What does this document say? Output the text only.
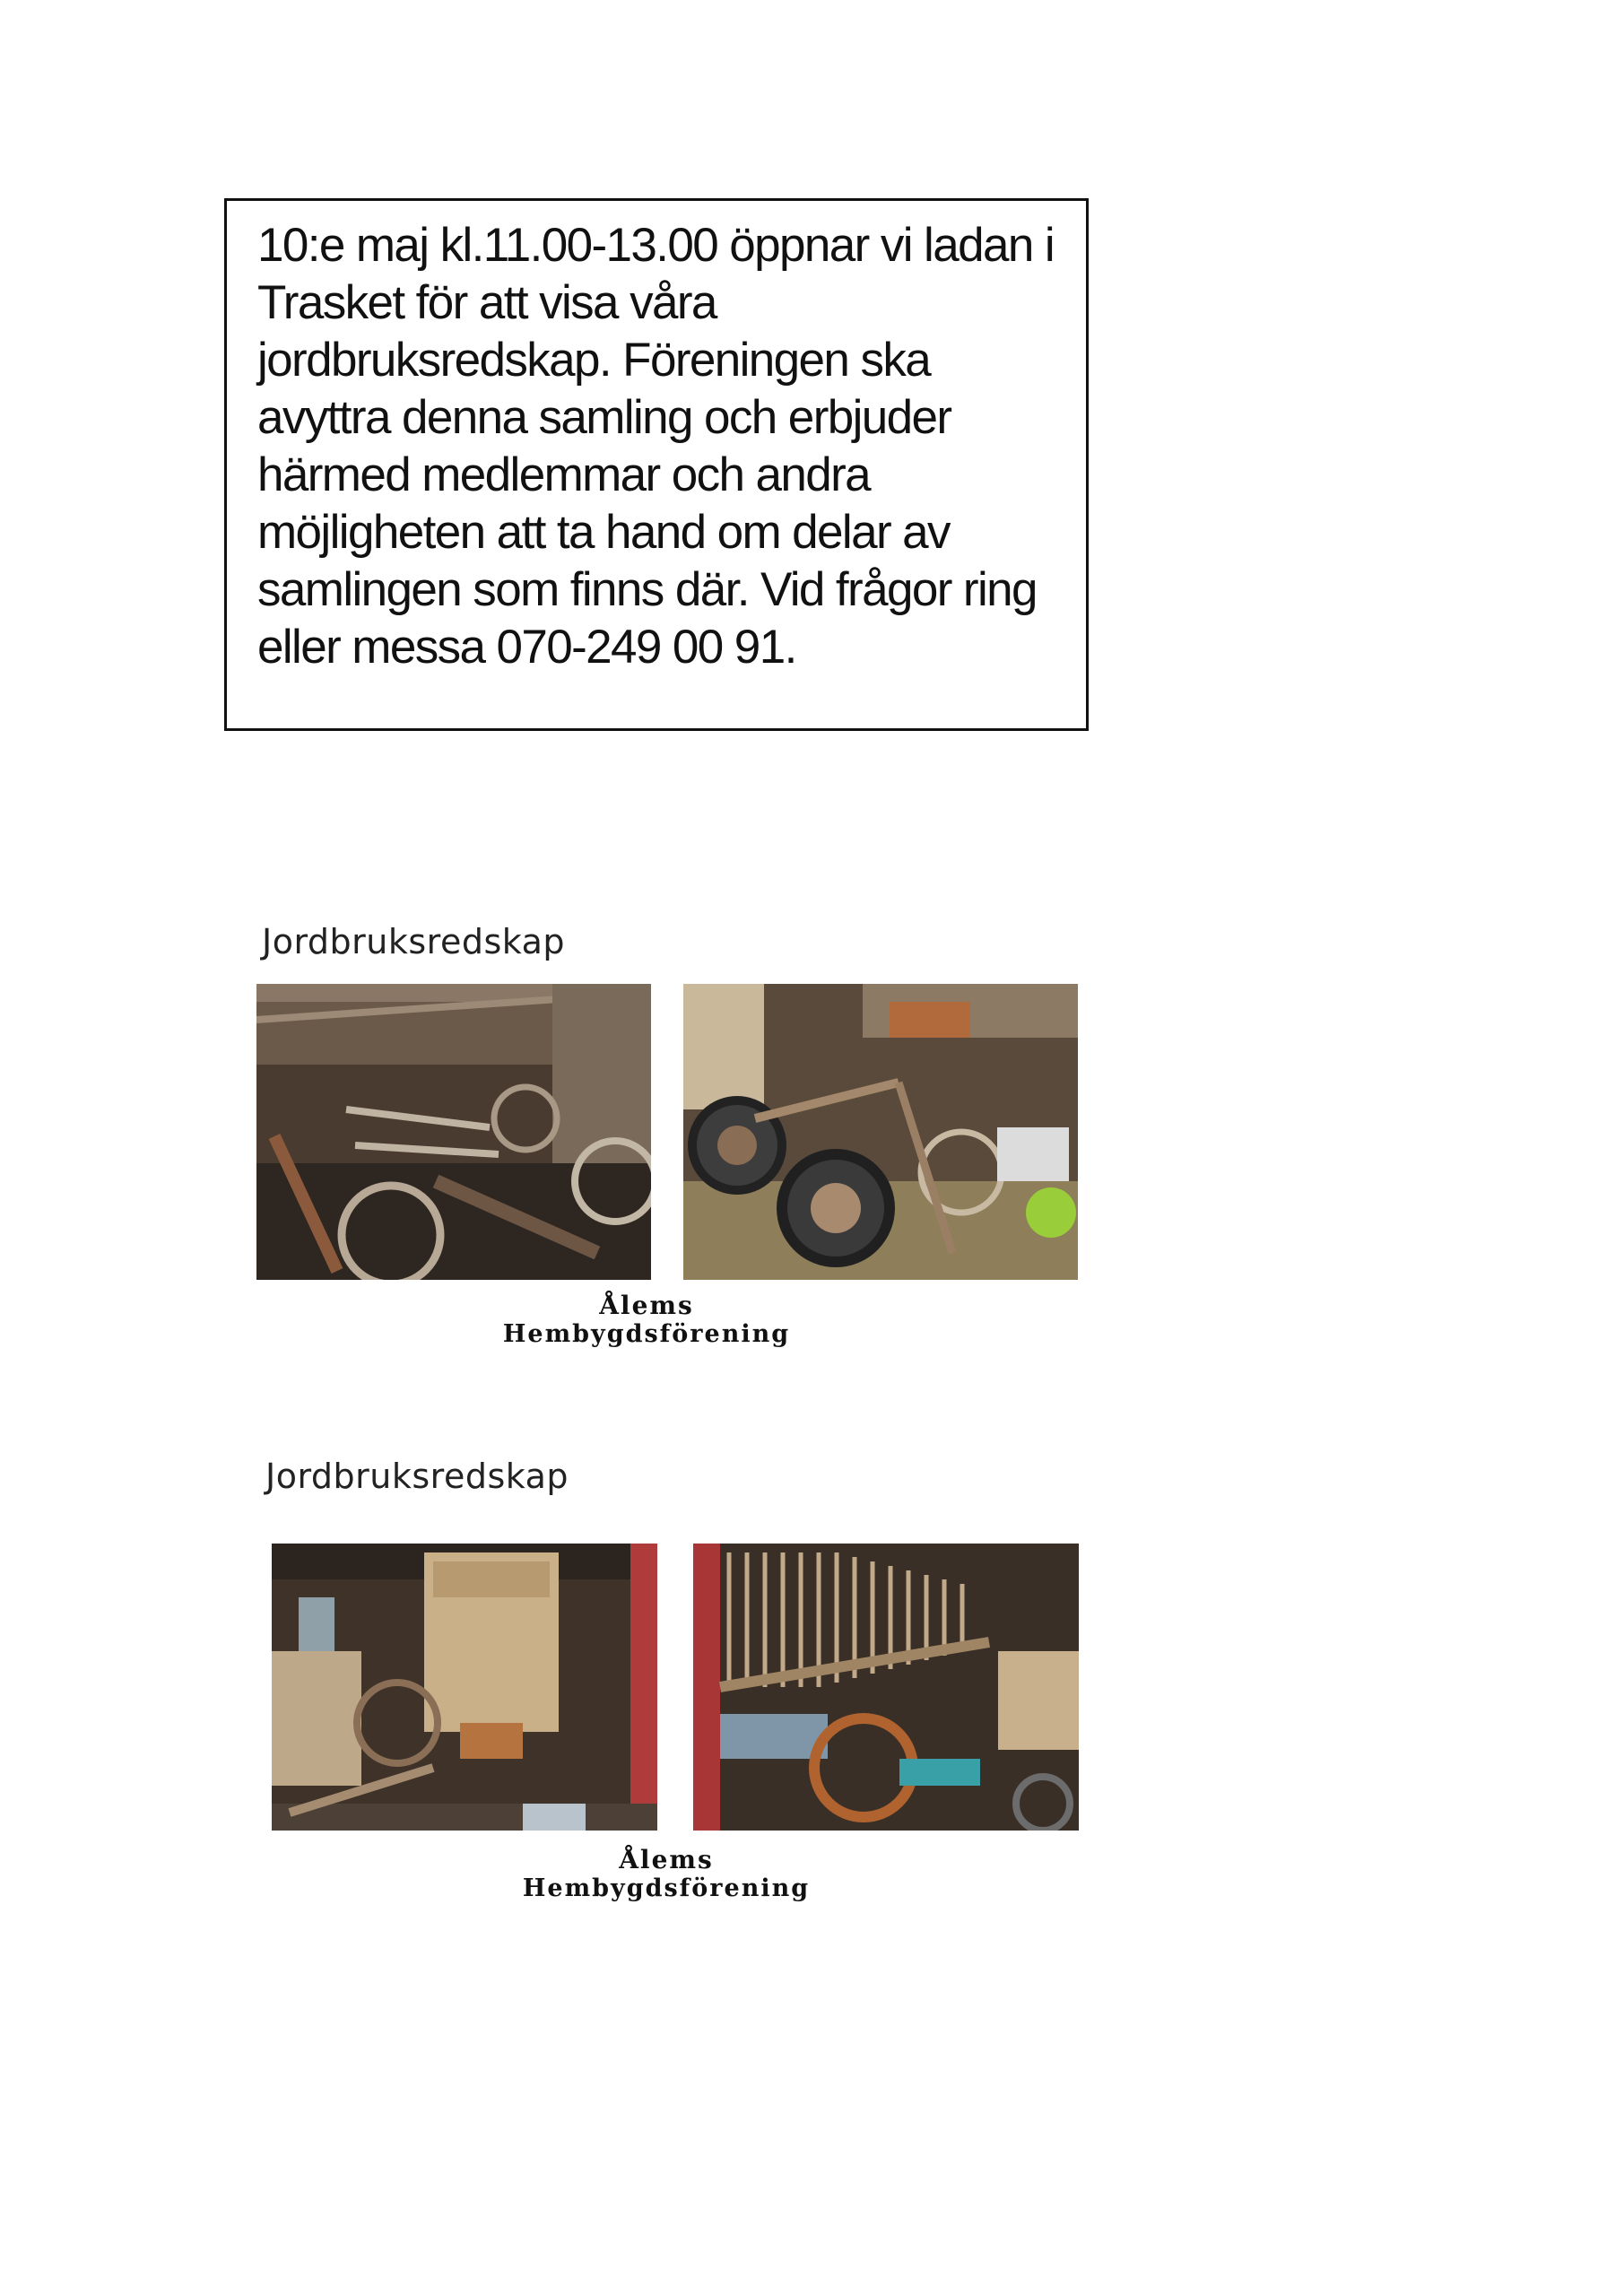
10:e maj kl.11.00-13.00 öppnar vi ladan i Trasket för att visa våra jordbruksredskap. Föreningen ska avyttra denna samling och erbjuder härmed medlemmar och andra möjligheten att ta hand om delar av samlingen som finns där. Vid frågor ring eller messa 070-249 00 91.

Jordbruksredskap
Ålems
Hembygdsförening
Jordbruksredskap
Ålems
Hembygdsförening
